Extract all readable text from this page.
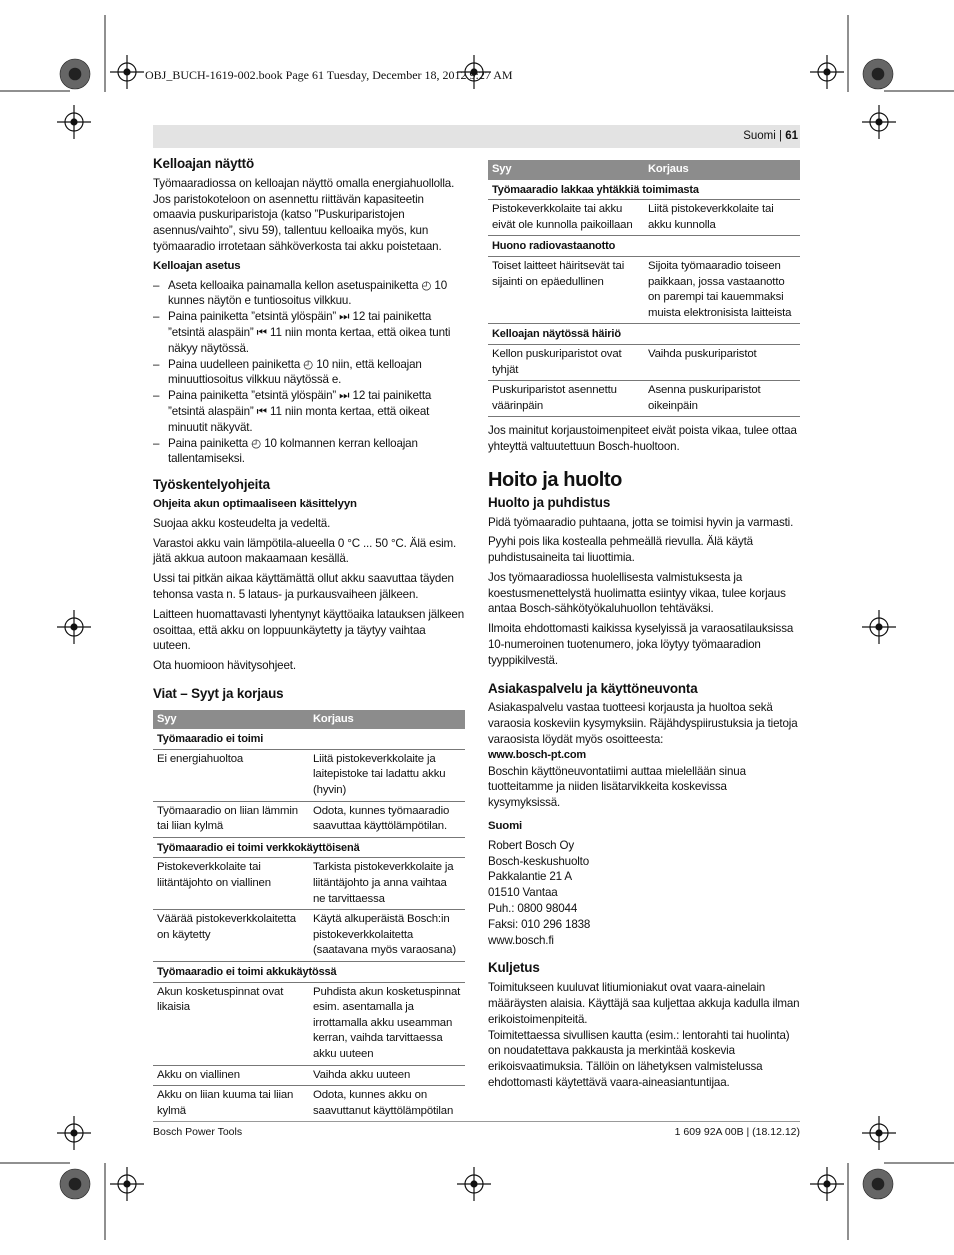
OBJ_BUCH-1619-002.book Page 61 Tuesday, December 18, 2012 9:27 AM
Suomi | 61
Kelloajan näyttö

Työmaaradiossa on kelloajan näyttö omalla energiahuollolla. Jos paristokoteloon on asennettu riittävän kapasiteetin omaavia puskuriparistoja (katso ”Puskuriparistojen asennus/vaihto”, sivu 59), tallentuu kelloaika myös, kun työmaaradio irrotetaan sähköverkosta tai akku poistetaan.

Kelloajan asetus
– Aseta kelloaika painamalla kellon asetuspainiketta ◴ 10 kunnes näytön e tuntiosoitus vilkkuu.
– Paina painiketta ”etsintä ylöspäin” ⏭ 12 tai painiketta ”etsintä alaspäin” ⏮ 11 niin monta kertaa, että oikea tunti näkyy näytössä.
– Paina uudelleen painiketta ◴ 10 niin, että kelloajan minuuttiosoitus vilkkuu näytössä e.
– Paina painiketta ”etsintä ylöspäin” ⏭ 12 tai painiketta ”etsintä alaspäin” ⏮ 11 niin monta kertaa, että oikeat minuutit näkyvät.
– Paina painiketta ◴ 10 kolmannen kerran kelloajan tallentamiseksi.
Työskentelyohjeita
Ohjeita akun optimaaliseen käsittelyyn

Suojaa akku kosteudelta ja vedeltä.

Varastoi akku vain lämpötila-alueella 0 °C ... 50 °C. Älä esim. jätä akkua autoon makaamaan kesällä.

Ussi tai pitkän aikaa käyttämättä ollut akku saavuttaa täyden tehonsa vasta n. 5 lataus- ja purkausvaiheen jälkeen.

Laitteen huomattavasti lyhentynyt käyttöaika latauksen jälkeen osoittaa, että akku on loppuunkäytetty ja täytyy vaihtaa uuteen.

Ota huomioon hävitysohjeet.

Viat – Syyt ja korjaus
Syy	Korjaus
Työmaaradio ei toimi	
Ei energiahuoltoa	Liitä pistokeverkkolaite ja laitepistoke tai ladattu akku (hyvin)
Työmaaradio on liian lämmin tai liian kylmä	Odota, kunnes työmaaradio saavuttaa käyttölämpötilan.
Työmaaradio ei toimi verkkokäyttöisenä	
Pistokeverkkolaite tai liitäntäjohto on viallinen	Tarkista pistokeverkkolaite ja liitäntäjohto ja anna vaihtaa ne tarvittaessa
Väärää pistokeverkkolaitetta on käytetty	Käytä alkuperäistä Bosch:in pistokeverkkolaitetta (saatavana myös varaosana)
Työmaaradio ei toimi akkukäytössä	
Akun kosketuspinnat ovat likaisia	Puhdista akun kosketuspinnat esim. asentamalla ja irrottamalla akku useamman kerran, vaihda tarvittaessa akku uuteen
Akku on viallinen	Vaihda akku uuteen
Akku on liian kuuma tai liian kylmä	Odota, kunnes akku on saavuttanut käyttölämpötilan
Syy	Korjaus
Työmaaradio lakkaa yhtäkkiä toimimasta	
Pistokeverkkolaite tai akku eivät ole kunnolla paikoillaan	Liitä pistokeverkkolaite tai akku kunnolla
Huono radiovastaanotto	
Toiset laitteet häiritsevät tai sijainti on epäedullinen	Sijoita työmaaradio toiseen paikkaan, jossa vastaanotto on parempi tai kauemmaksi muista elektronisista laitteista
Kelloajan näytössä häiriö	
Kellon puskuriparistot ovat tyhjät	Vaihda puskuriparistot
Puskuriparistot asennettu väärinpäin	Asenna puskuriparistot oikeinpäin

Jos mainitut korjaustoimenpiteet eivät poista vikaa, tulee ottaa yhteyttä valtuutettuun Bosch-huoltoon.

Hoito ja huolto
Huolto ja puhdistus

Pidä työmaaradio puhtaana, jotta se toimisi hyvin ja varmasti.

Pyyhi pois lika kostealla pehmeällä rievulla. Älä käytä puhdistusaineita tai liuottimia.

Jos työmaaradiossa huolellisesta valmistuksesta ja koestusmenettelystä huolimatta esiintyy vikaa, tulee korjaus antaa Bosch-sähkötyökaluhuollon tehtäväksi.

Ilmoita ehdottomasti kaikissa kyselyissä ja varaosatilauksissa 10-numeroinen tuotenumero, joka löytyy työmaaradion tyyppikilvestä.

Asiakaspalvelu ja käyttöneuvonta

Asiakaspalvelu vastaa tuotteesi korjausta ja huoltoa sekä varaosia koskeviin kysymyksiin. Räjähdyspiirustuksia ja tietoja varaosista löydät myös osoitteesta:

www.bosch-pt.com

Boschin käyttöneuvontatiimi auttaa mielellään sinua tuotteitamme ja niiden lisätarvikkeita koskevissa kysymyksissä.

Suomi
Robert Bosch Oy
Bosch-keskushuolto
Pakkalantie 21 A
01510 Vantaa
Puh.: 0800 98044
Faksi: 010 296 1838
www.bosch.fi
Kuljetus

Toimitukseen kuuluvat litiumioniakut ovat vaara-ainelain määräysten alaisia. Käyttäjä saa kuljettaa akkuja kadulla ilman erikoistoimenpiteitä.

Toimitettaessa sivullisen kautta (esim.: lentorahti tai huolinta) on noudatettava pakkausta ja merkintää koskevia erikoisvaatimuksia. Tällöin on lähetyksen valmistelussa ehdottomasti käytettävä vaara-aineasiantuntijaa.

Bosch Power Tools	1 609 92A 00B | (18.12.12)
